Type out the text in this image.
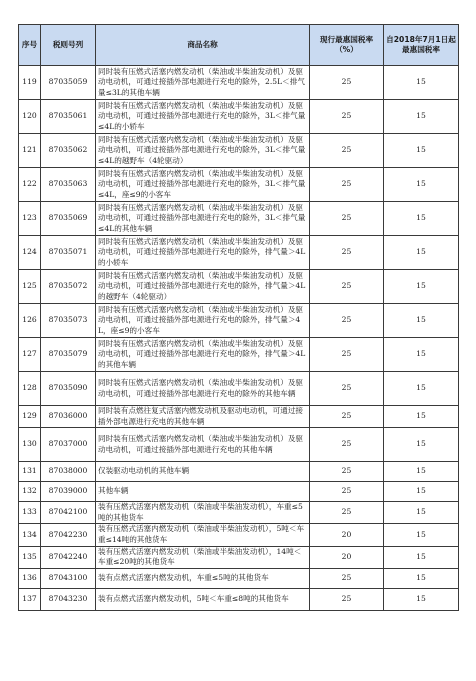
序号	税则号列	商品名称	现行最惠国税率（%）	自2018年7月1日起最惠国税率
119	87035059	同时装有压燃式活塞内燃发动机（柴油或半柴油发动机）及驱动电动机，可通过接插外部电源进行充电的除外，2.5L＜排气量≤3L的其他车辆	25	15
120	87035061	同时装有压燃式活塞内燃发动机（柴油或半柴油发动机）及驱动电动机，可通过接插外部电源进行充电的除外，3L＜排气量≤4L的小轿车	25	15
121	87035062	同时装有压燃式活塞内燃发动机（柴油或半柴油发动机）及驱动电动机，可通过接插外部电源进行充电的除外，3L＜排气量≤4L的越野车（4轮驱动）	25	15
122	87035063	同时装有压燃式活塞内燃发动机（柴油或半柴油发动机）及驱动电动机，可通过接插外部电源进行充电的除外，3L＜排气量≤4L，座≤9的小客车	25	15
123	87035069	同时装有压燃式活塞内燃发动机（柴油或半柴油发动机）及驱动电动机，可通过接插外部电源进行充电的除外，3L＜排气量≤4L的其他车辆	25	15
124	87035071	同时装有压燃式活塞内燃发动机（柴油或半柴油发动机）及驱动电动机，可通过接插外部电源进行充电的除外，排气量＞4L的小轿车	25	15
125	87035072	同时装有压燃式活塞内燃发动机（柴油或半柴油发动机）及驱动电动机，可通过接插外部电源进行充电的除外，排气量＞4L的越野车（4轮驱动）	25	15
126	87035073	同时装有压燃式活塞内燃发动机（柴油或半柴油发动机）及驱动电动机，可通过接插外部电源进行充电的除外，排气量＞4L，座≤9的小客车	25	15
127	87035079	同时装有压燃式活塞内燃发动机（柴油或半柴油发动机）及驱动电动机，可通过接插外部电源进行充电的除外，排气量＞4L的其他车辆	25	15
128	87035090	同时装有压燃式活塞内燃发动机（柴油或半柴油发动机）及驱动电动机，可通过接插外部电源进行充电的除外的其他车辆	25	15
129	87036000	同时装有点燃往复式活塞内燃发动机及驱动电动机，可通过接插外部电源进行充电的其他车辆	25	15
130	87037000	同时装有压燃式活塞内燃发动机（柴油或半柴油发动机）及驱动电动机，可通过接插外部电源进行充电的其他车辆	25	15
131	87038000	仅装驱动电动机的其他车辆	25	15
132	87039000	其他车辆	25	15
133	87042100	装有压燃式活塞内燃发动机（柴油或半柴油发动机），车重≤5吨的其他货车	25	15
134	87042230	装有压燃式活塞内燃发动机（柴油或半柴油发动机），5吨＜车重≤14吨的其他货车	20	15
135	87042240	装有压燃式活塞内燃发动机（柴油或半柴油发动机），14吨＜车重≤20吨的其他货车	20	15
136	87043100	装有点燃式活塞内燃发动机，车重≤5吨的其他货车	25	15
137	87043230	装有点燃式活塞内燃发动机，5吨＜车重≤8吨的其他货车	25	15
